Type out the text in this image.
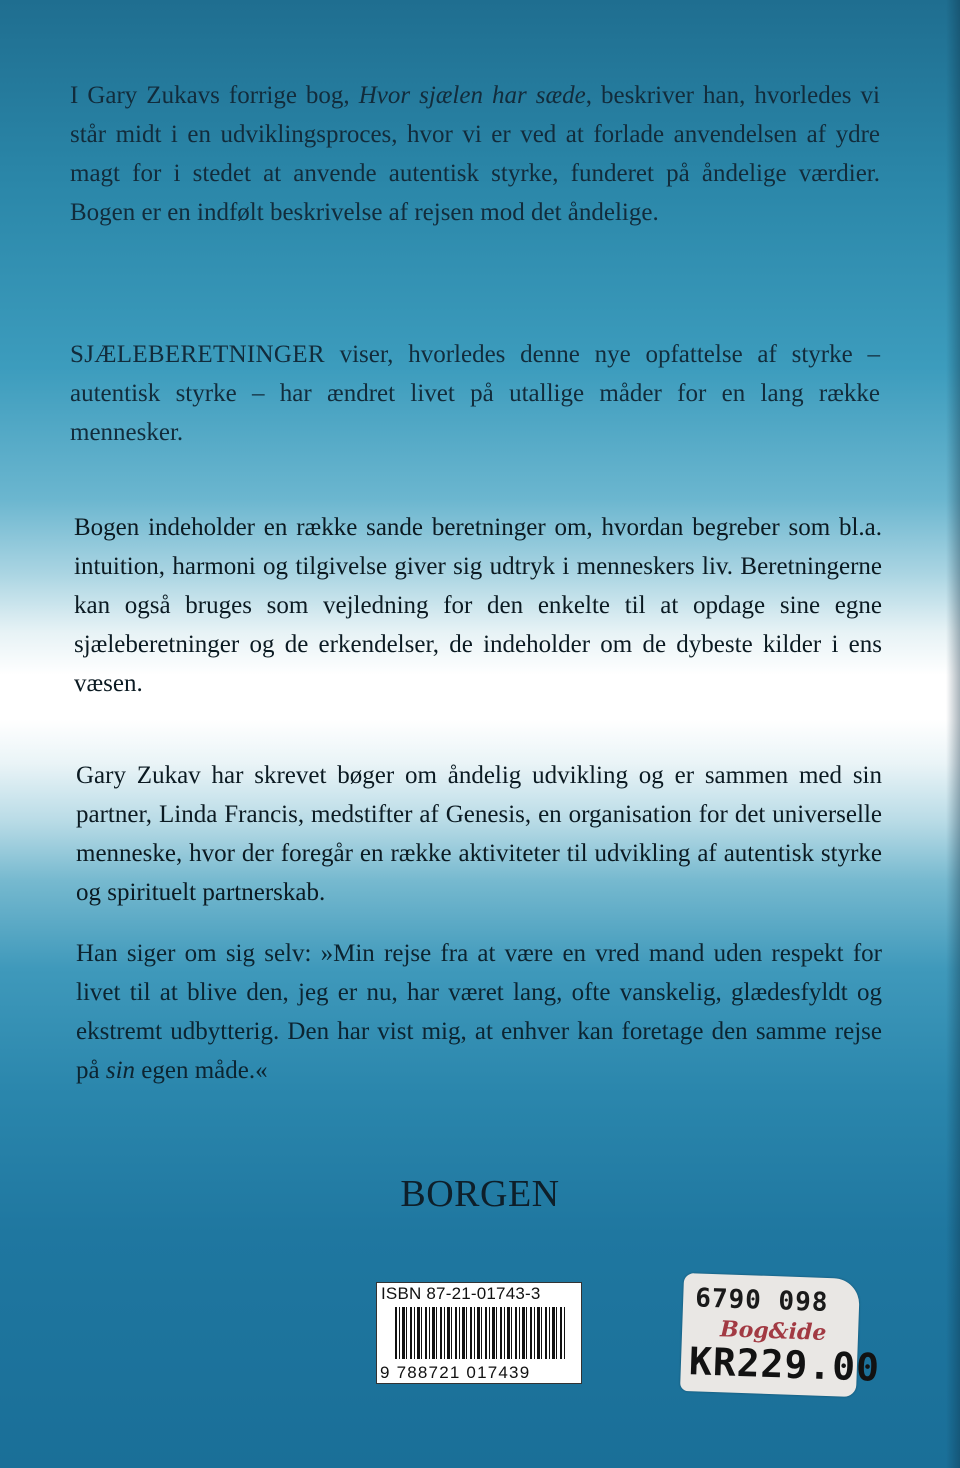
I Gary Zukavs forrige bog, Hvor sjælen har sæde, beskriver han, hvorledes vi står midt i en udviklingsproces, hvor vi er ved at forlade anvendelsen af ydre magt for i stedet at anvende autentisk styrke, funderet på åndelige værdier. Bogen er en indfølt beskrivelse af rejsen mod det åndelige.

SJÆLEBERETNINGER viser, hvorledes denne nye opfattelse af styrke – autentisk styrke – har ændret livet på utallige måder for en lang række mennesker.

Bogen indeholder en række sande beretninger om, hvordan begreber som bl.a. intuition, harmoni og tilgivelse giver sig udtryk i menneskers liv. Beretningerne kan også bruges som vejledning for den enkelte til at opdage sine egne sjæleberetninger og de erkendelser, de indeholder om de dybeste kilder i ens væsen.

Gary Zukav har skrevet bøger om åndelig udvikling og er sammen med sin partner, Linda Francis, medstifter af Genesis, en organisation for det universelle menneske, hvor der foregår en række aktiviteter til udvikling af autentisk styrke og spirituelt partnerskab.

Han siger om sig selv: »Min rejse fra at være en vred mand uden respekt for livet til at blive den, jeg er nu, har været lang, ofte vanskelig, glædesfyldt og ekstremt udbytterig. Den har vist mig, at enhver kan foretage den samme rejse på sin egen måde.«

BORGEN
ISBN 87-21-01743-3
9 788721 017439
6790 098
Bog&ide
KR229.00
